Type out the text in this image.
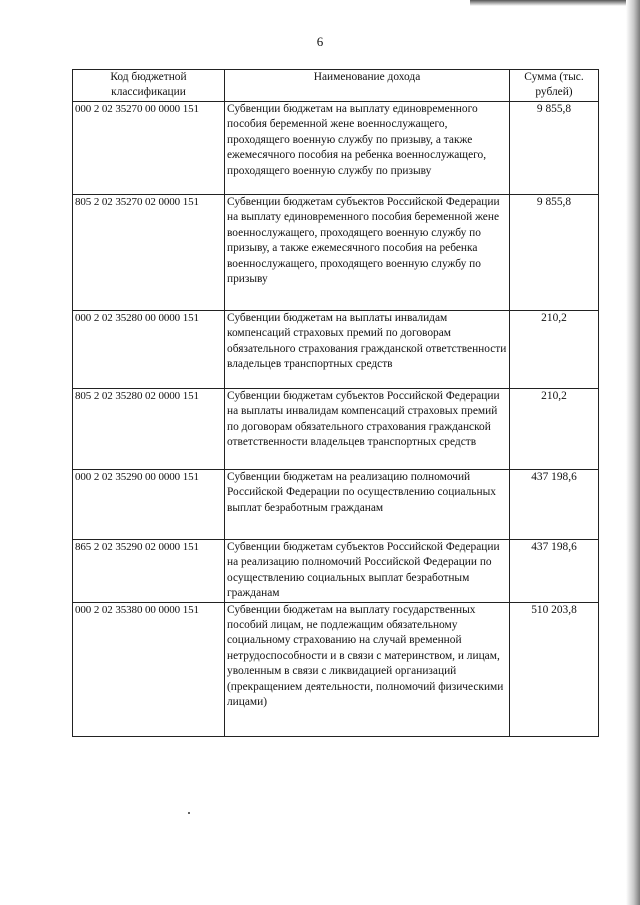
6
Код бюджетной классификации	Наименование дохода	Сумма (тыс. рублей)
000 2 02 35270 00 0000 151	Субвенции бюджетам на выплату единовременного пособия беременной жене военнослужащего, проходящего военную службу по призыву, а также ежемесячного пособия на ребенка военнослужащего, проходящего военную службу по призыву	9 855,8
805 2 02 35270 02 0000 151	Субвенции бюджетам субъектов Российской Федерации на выплату единовременного пособия беременной жене военнослужащего, проходящего военную службу по призыву, а также ежемесячного пособия на ребенка военнослужащего, проходящего военную службу по призыву	9 855,8
000 2 02 35280 00 0000 151	Субвенции бюджетам на выплаты инвалидам компенсаций страховых премий по договорам обязательного страхования гражданской ответственности владельцев транспортных средств	210,2
805 2 02 35280 02 0000 151	Субвенции бюджетам субъектов Российской Федерации на выплаты инвалидам компенсаций страховых премий по договорам обязательного страхования гражданской ответственности владельцев транспортных средств	210,2
000 2 02 35290 00 0000 151	Субвенции бюджетам на реализацию полномочий Российской Федерации по осуществлению социальных выплат безработным гражданам	437 198,6
865 2 02 35290 02 0000 151	Субвенции бюджетам субъектов Российской Федерации на реализацию полномочий Российской Федерации по осуществлению социальных выплат безработным гражданам	437 198,6
000 2 02 35380 00 0000 151	Субвенции бюджетам на выплату государственных пособий лицам, не подлежащим обязательному социальному страхованию на случай временной нетрудоспособности и в связи с материнством, и лицам, уволенным в связи с ликвидацией организаций (прекращением деятельности, полномочий физическими лицами)	510 203,8
